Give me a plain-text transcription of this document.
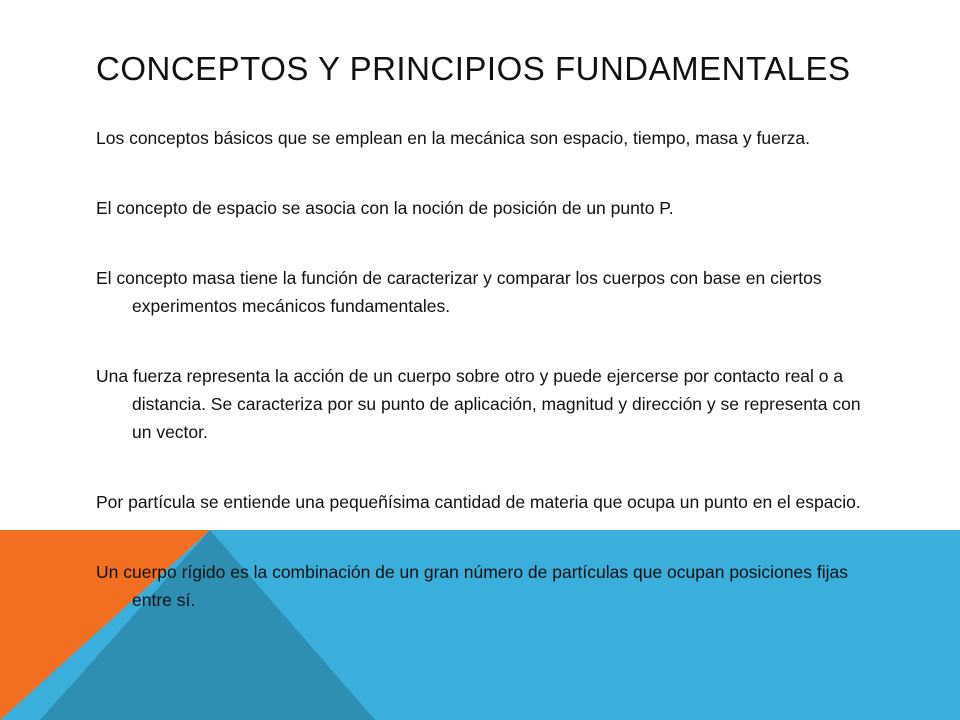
CONCEPTOS Y PRINCIPIOS FUNDAMENTALES

Los conceptos básicos que se emplean en la mecánica son espacio, tiempo, masa y fuerza.

El concepto de espacio se asocia con la noción de posición de un punto P.

El concepto masa tiene la función de caracterizar y comparar los cuerpos con base en ciertos experimentos mecánicos fundamentales.

Una fuerza representa la acción de un cuerpo sobre otro y puede ejercerse por contacto real o a distancia. Se caracteriza por su punto de aplicación, magnitud y dirección y se representa con un vector.

Por partícula se entiende una pequeñísima cantidad de materia que ocupa un punto en el espacio.

Un cuerpo rígido es la combinación de un gran número de partículas que ocupan posiciones fijas entre sí.
